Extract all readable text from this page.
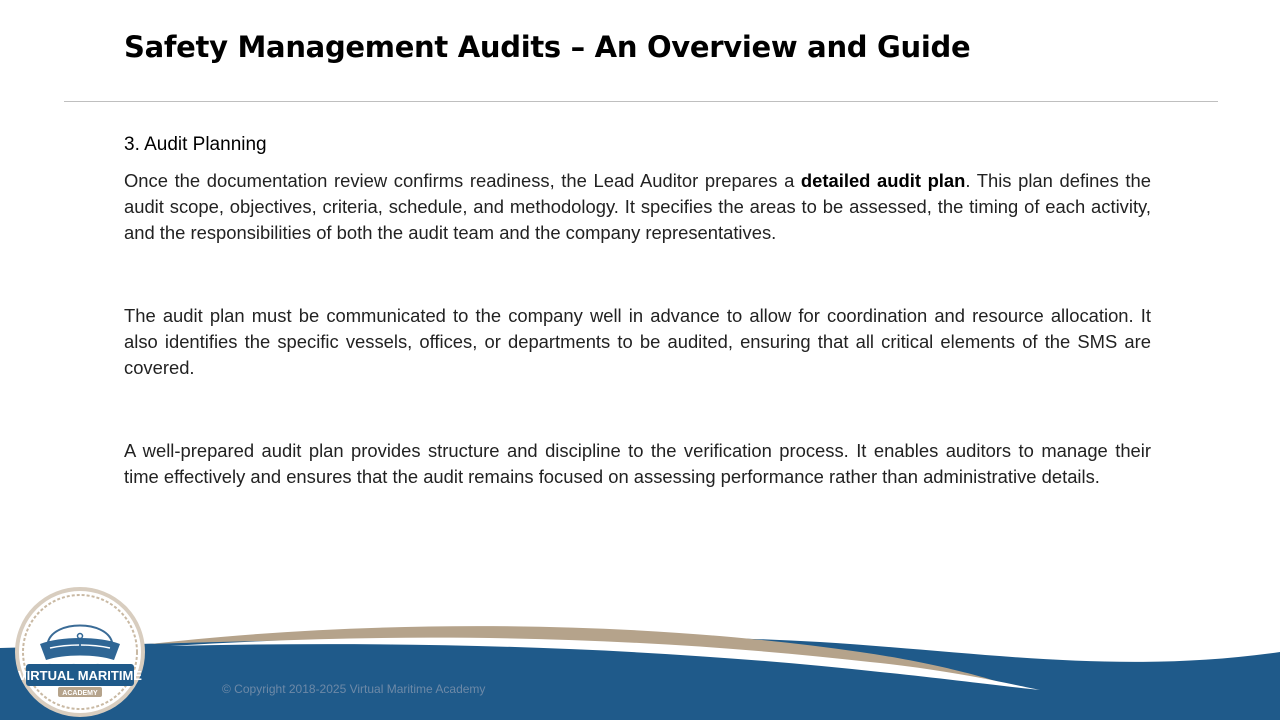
Safety Management Audits – An Overview and Guide

3. Audit Planning

Once the documentation review confirms readiness, the Lead Auditor prepares a detailed audit plan. This plan defines the audit scope, objectives, criteria, schedule, and methodology. It specifies the areas to be assessed, the timing of each activity, and the responsibilities of both the audit team and the company representatives.

The audit plan must be communicated to the company well in advance to allow for coordination and resource allocation. It also identifies the specific vessels, offices, or departments to be audited, ensuring that all critical elements of the SMS are covered.

A well-prepared audit plan provides structure and discipline to the verification process. It enables auditors to manage their time effectively and ensures that the audit remains focused on assessing performance rather than administrative details.

© Copyright 2018-2025 Virtual Maritime Academy
VIRTUAL MARITIME
ACADEMY
